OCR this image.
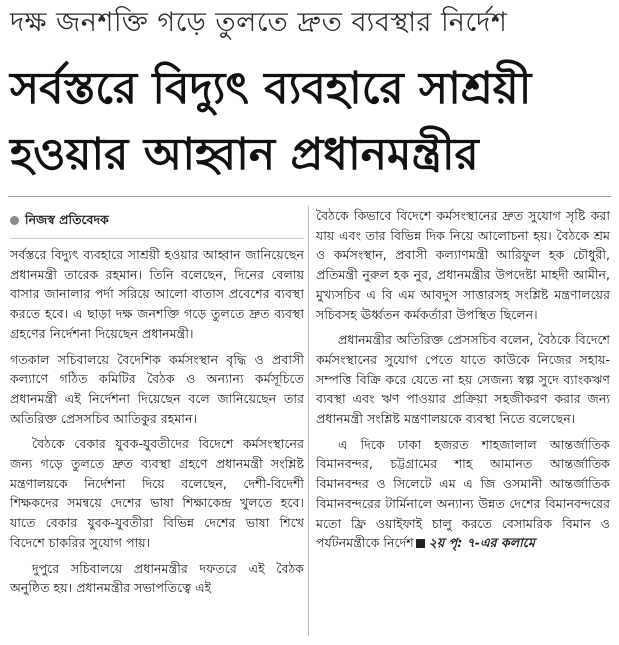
দক্ষ জনশক্তি গড়ে তুলতে দ্রুত ব্যবস্থার নির্দেশ
সর্বস্তরে বিদ্যুৎ ব্যবহারে সাশ্রয়ী
হওয়ার আহ্বান প্রধানমন্ত্রীর
নিজস্ব প্রতিবেদক

সর্বস্তরে বিদ্যুৎ ব্যবহারে সাশ্রয়ী হওয়ার আহ্বান জানিয়েছেন প্রধানমন্ত্রী তারেক রহমান। তিনি বলেছেন, দিনের বেলায় বাসার জানালার পর্দা সরিয়ে আলো বাতাস প্রবেশের ব্যবস্থা করতে হবে। এ ছাড়া দক্ষ জনশক্তি গড়ে তুলতে দ্রুত ব্যবস্থা গ্রহণের নির্দেশনা দিয়েছেন প্রধানমন্ত্রী।

গতকাল সচিবালয়ে বৈদেশিক কর্মসংস্থান বৃদ্ধি ও প্রবাসী কল্যাণে গঠিত কমিটির বৈঠক ও অন্যান্য কর্মসূচিতে প্রধানমন্ত্রী এই নির্দেশনা দিয়েছেন বলে জানিয়েছেন তার অতিরিক্ত প্রেসসচিব আতিকুর রহমান।

বৈঠকে বেকার যুবক-যুবতীদের বিদেশে কর্মসংস্থানের জন্য গড়ে তুলতে দ্রুত ব্যবস্থা গ্রহণে প্রধানমন্ত্রী সংশ্লিষ্ট মন্ত্রণালয়কে নির্দেশনা দিয়ে বলেছেন, দেশী-বিদেশী শিক্ষকদের সমন্বয়ে দেশের ভাষা শিক্ষাকেন্দ্র খুলতে হবে। যাতে বেকার যুবক-যুবতীরা বিভিন্ন দেশের ভাষা শিখে বিদেশে চাকরির সুযোগ পায়।

দুপুরে সচিবালয়ে প্রধানমন্ত্রীর দফতরে এই বৈঠক অনুষ্ঠিত হয়। প্রধানমন্ত্রীর সভাপতিত্বে এই

বৈঠকে কিভাবে বিদেশে কর্মসংস্থানের দ্রুত সুযোগ সৃষ্টি করা যায় এবং তার বিভিন্ন দিক নিয়ে আলোচনা হয়। বৈঠকে শ্রম ও কর্মসংস্থান, প্রবাসী কল্যাণমন্ত্রী আরিফুল হক চৌধুরী, প্রতিমন্ত্রী নুরুল হক নুর, প্রধানমন্ত্রীর উপদেষ্টা মাহদী আমীন, মুখ্যসচিব এ বি এম আবদুস সাত্তারসহ সংশ্লিষ্ট মন্ত্রণালয়ের সচিবসহ ঊর্ধ্বতন কর্মকর্তারা উপস্থিত ছিলেন।

প্রধানমন্ত্রীর অতিরিক্ত প্রেসসচিব বলেন, বৈঠকে বিদেশে কর্মসংস্থানের সুযোগ পেতে যাতে কাউকে নিজের সহায়-সম্পত্তি বিক্রি করে যেতে না হয় সেজন্য স্বল্প সুদে ব্যাংকঋণ ব্যবস্থা এবং ঋণ পাওয়ার প্রক্রিয়া সহজীকরণ করার জন্য প্রধানমন্ত্রী সংশ্লিষ্ট মন্ত্রণালয়কে ব্যবস্থা নিতে বলেছেন।

এ দিকে ঢাকা হজরত শাহজালাল আন্তর্জাতিক বিমানবন্দর, চট্টগ্রামের শাহ আমানত আন্তর্জাতিক বিমানবন্দর ও সিলেটে এম এ জি ওসমানী আন্তর্জাতিক বিমানবন্দরের টার্মিনালে অন্যান্য উন্নত দেশের বিমানবন্দরের মতো ফ্রি ওয়াইফাই চালু করতে বেসামরিক বিমান ও পর্যটনমন্ত্রীকে নির্দেশ ২য় পৃ: ৭-এর কলামে
